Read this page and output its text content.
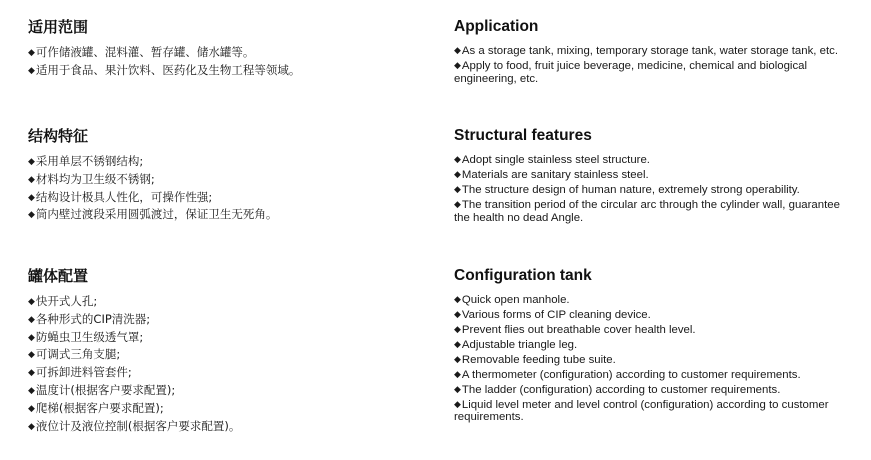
适用范围
◆可作储液罐、混料灌、暂存罐、储水罐等。
◆适用于食品、果汁饮料、医药化及生物工程等领域。
结构特征
◆采用单层不锈钢结构;
◆材料均为卫生级不锈钢;
◆结构设计极具人性化，可操作性强;
◆筒内壁过渡段采用圆弧渡过，保证卫生无死角。
罐体配置
◆快开式人孔;
◆各种形式的CIP清洗器;
◆防蝇虫卫生级透气罩;
◆可调式三角支腿;
◆可拆卸进料管套件;
◆温度计(根据客户要求配置);
◆爬梯(根据客户要求配置);
◆液位计及液位控制(根据客户要求配置)。
Application
◆As a storage tank, mixing, temporary storage tank, water storage tank, etc.
◆Apply to food, fruit juice beverage, medicine, chemical and biological engineering, etc.
Structural features
◆Adopt single stainless steel structure.
◆Materials are sanitary stainless steel.
◆The structure design of human nature, extremely strong operability.
◆The transition period of the circular arc through the cylinder wall, guarantee the health no dead Angle.
Configuration tank
◆Quick open manhole.
◆Various forms of CIP cleaning device.
◆Prevent flies out breathable cover health level.
◆Adjustable triangle leg.
◆Removable feeding tube suite.
◆A thermometer (configuration) according to customer requirements.
◆The ladder (configuration) according to customer requirements.
◆Liquid level meter and level control (configuration) according to customer requirements.
